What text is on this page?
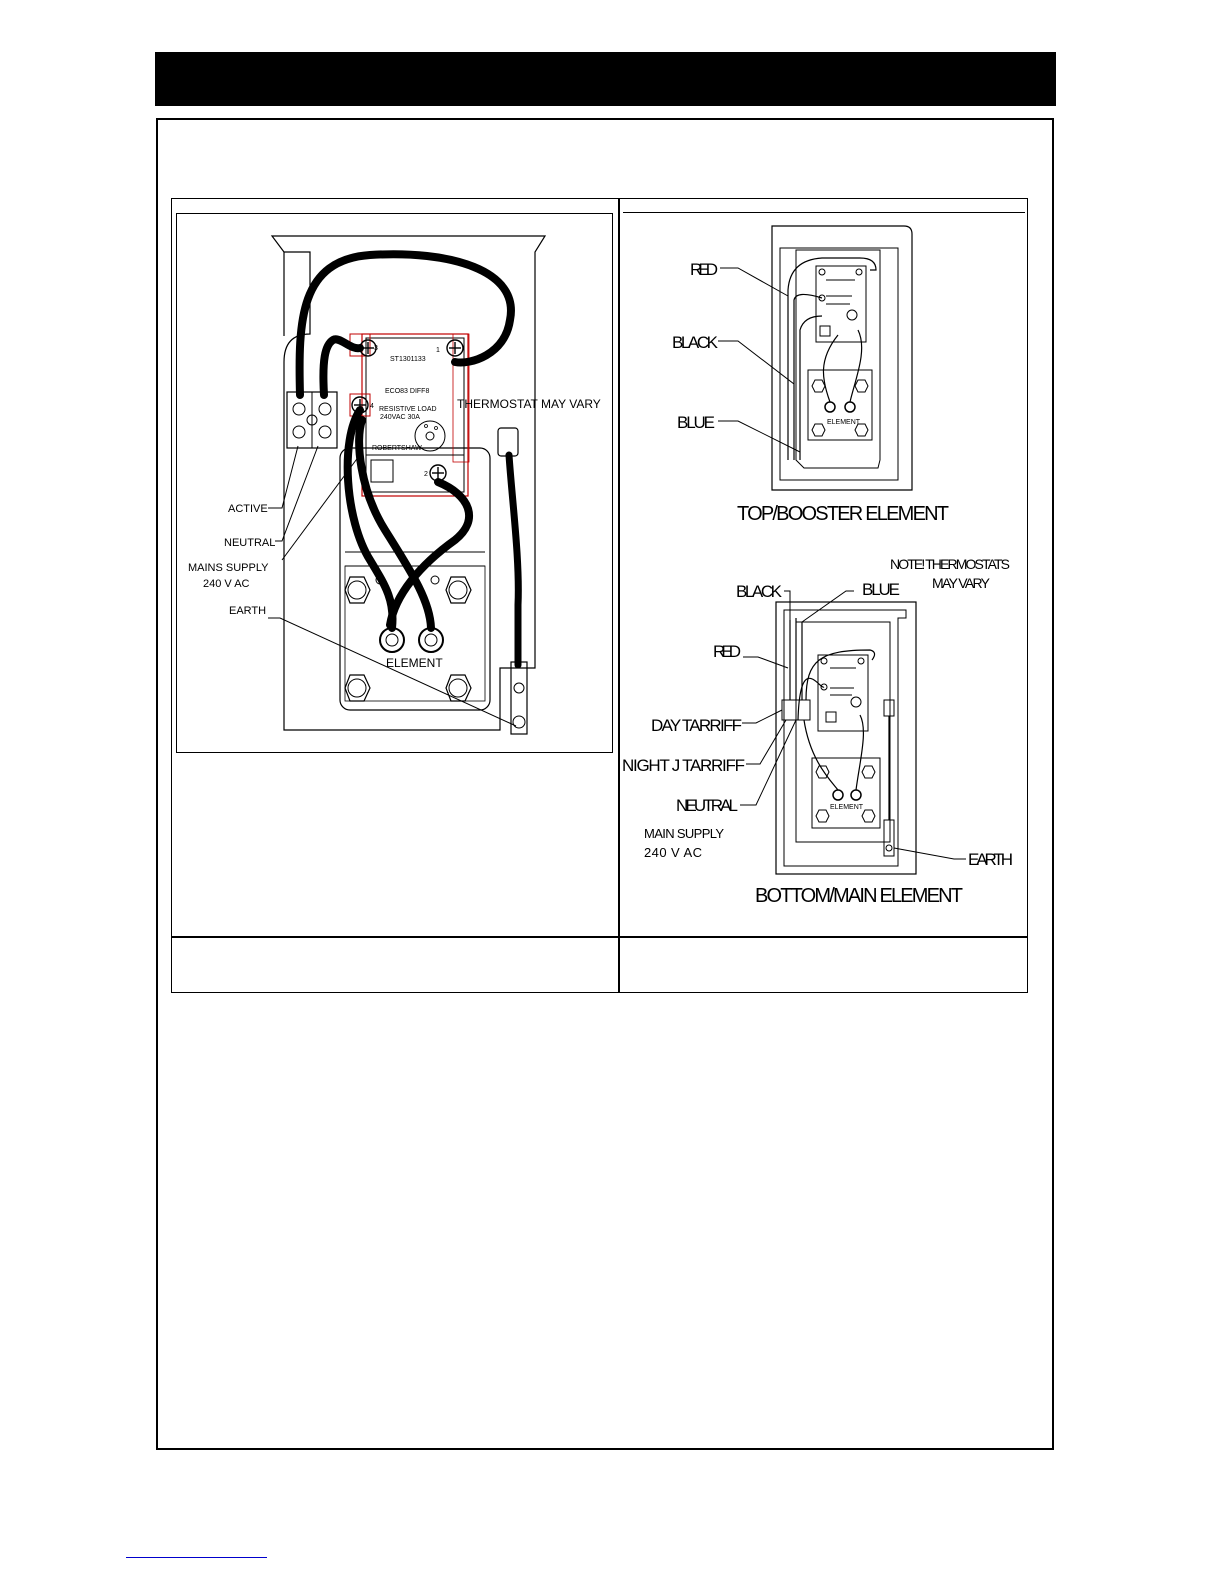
ST1301133
ECO83 DIFF8
RESISTIVE LOAD
240VAC 30A
ROBERTSHAW
3	1
4
2
THERMOSTAT MAY VARY
ACTIVE
NEUTRAL
MAINS SUPPLY
240 V AC
EARTH
ELEMENT
ELEMENT
RED
BLACK
BLUE
TOP/BOOSTER ELEMENT
ELEMENT
NOTE! THERMOSTATS
MAY VARY
BLACK	BLUE
RED
DAY TARRIFF
NIGHT J TARRIFF
NEUTRAL
MAIN SUPPLY
240 V AC	EARTH
BOTTOM/MAIN ELEMENT
